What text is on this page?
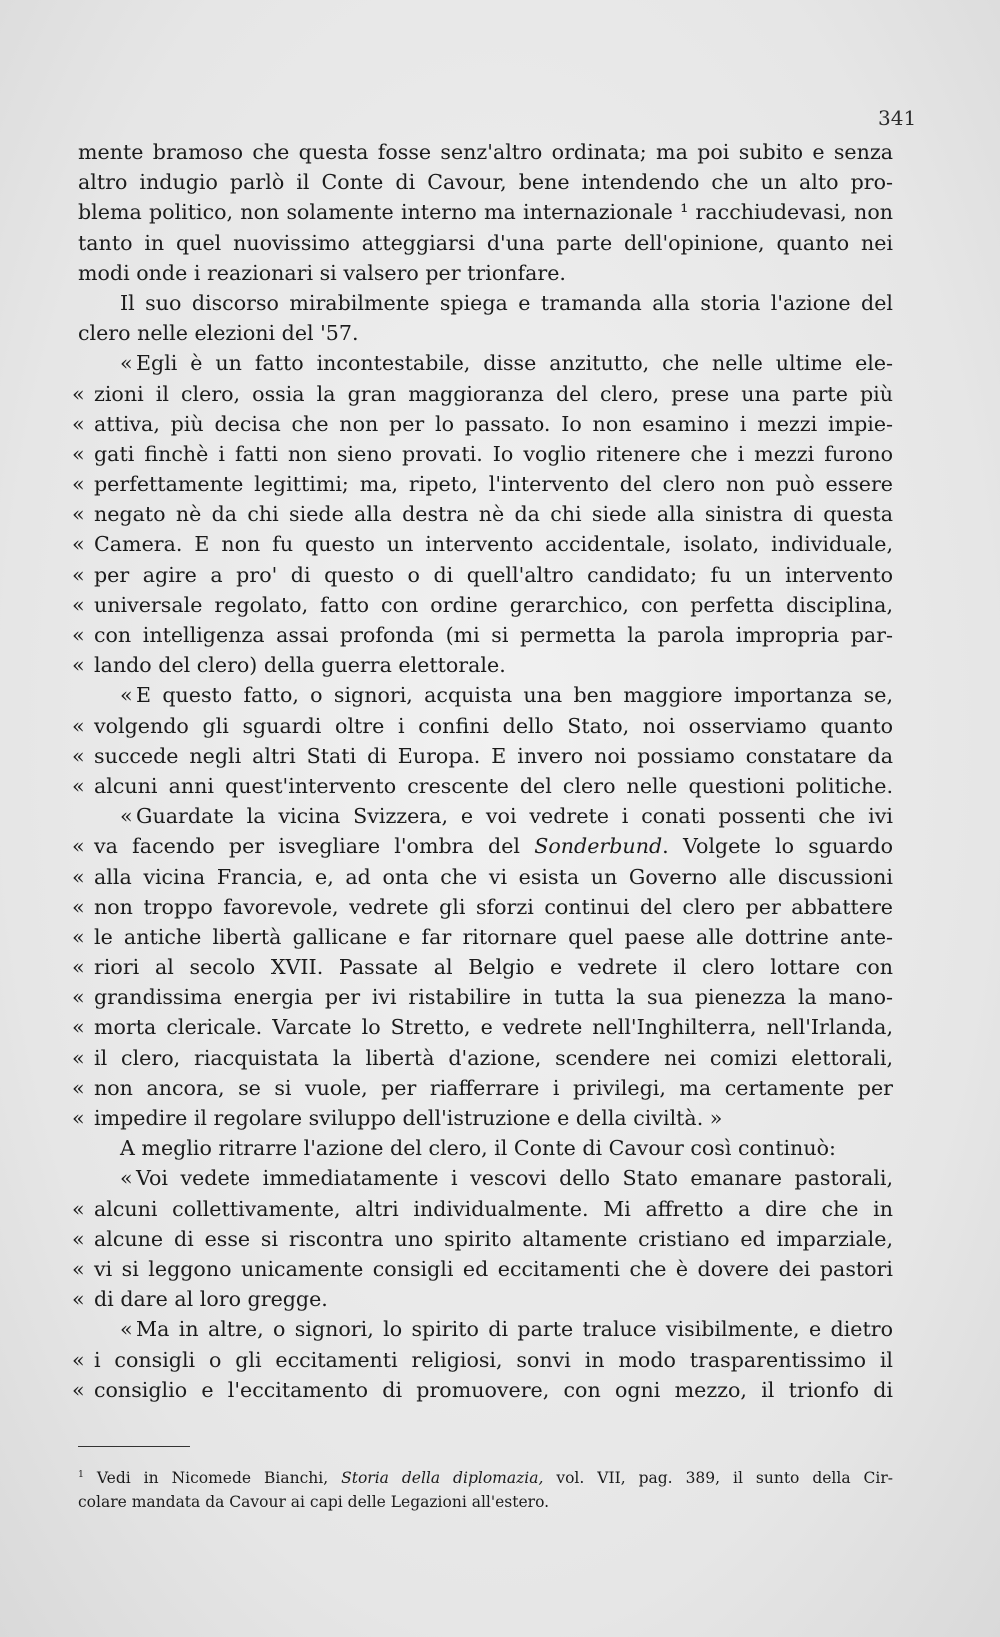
341
mente bramoso che questa fosse senz'altro ordinata; ma poi subito e senza
altro indugio parlò il Conte di Cavour, bene intendendo che un alto pro-
blema politico, non solamente interno ma internazionale ¹ racchiudevasi, non
tanto in quel nuovissimo atteggiarsi d'una parte dell'opinione, quanto nei
modi onde i reazionari si valsero per trionfare.
Il suo discorso mirabilmente spiega e tramanda alla storia l'azione del
clero nelle elezioni del '57.
« Egli è un fatto incontestabile, disse anzitutto, che nelle ultime ele-
« zioni il clero, ossia la gran maggioranza del clero, prese una parte più
« attiva, più decisa che non per lo passato. Io non esamino i mezzi impie-
« gati finchè i fatti non sieno provati. Io voglio ritenere che i mezzi furono
« perfettamente legittimi; ma, ripeto, l'intervento del clero non può essere
« negato nè da chi siede alla destra nè da chi siede alla sinistra di questa
« Camera. E non fu questo un intervento accidentale, isolato, individuale,
« per agire a pro' di questo o di quell'altro candidato; fu un intervento
« universale regolato, fatto con ordine gerarchico, con perfetta disciplina,
« con intelligenza assai profonda (mi si permetta la parola impropria par-
« lando del clero) della guerra elettorale.
« E questo fatto, o signori, acquista una ben maggiore importanza se,
« volgendo gli sguardi oltre i confini dello Stato, noi osserviamo quanto
« succede negli altri Stati di Europa. E invero noi possiamo constatare da
« alcuni anni quest'intervento crescente del clero nelle questioni politiche.
« Guardate la vicina Svizzera, e voi vedrete i conati possenti che ivi
« va facendo per isvegliare l'ombra del Sonderbund. Volgete lo sguardo
« alla vicina Francia, e, ad onta che vi esista un Governo alle discussioni
« non troppo favorevole, vedrete gli sforzi continui del clero per abbattere
« le antiche libertà gallicane e far ritornare quel paese alle dottrine ante-
« riori al secolo XVII. Passate al Belgio e vedrete il clero lottare con
« grandissima energia per ivi ristabilire in tutta la sua pienezza la mano-
« morta clericale. Varcate lo Stretto, e vedrete nell'Inghilterra, nell'Irlanda,
« il clero, riacquistata la libertà d'azione, scendere nei comizi elettorali,
« non ancora, se si vuole, per riafferrare i privilegi, ma certamente per
« impedire il regolare sviluppo dell'istruzione e della civiltà. »
A meglio ritrarre l'azione del clero, il Conte di Cavour così continuò:
« Voi vedete immediatamente i vescovi dello Stato emanare pastorali,
« alcuni collettivamente, altri individualmente. Mi affretto a dire che in
« alcune di esse si riscontra uno spirito altamente cristiano ed imparziale,
« vi si leggono unicamente consigli ed eccitamenti che è dovere dei pastori
« di dare al loro gregge.
« Ma in altre, o signori, lo spirito di parte traluce visibilmente, e dietro
« i consigli o gli eccitamenti religiosi, sonvi in modo trasparentissimo il
« consiglio e l'eccitamento di promuovere, con ogni mezzo, il trionfo di
$^1$ Vedi in Nicomede Bianchi, Storia della diplomazia, vol. VII, pag. 389, il sunto della Cir-
colare mandata da Cavour ai capi delle Legazioni all'estero.
